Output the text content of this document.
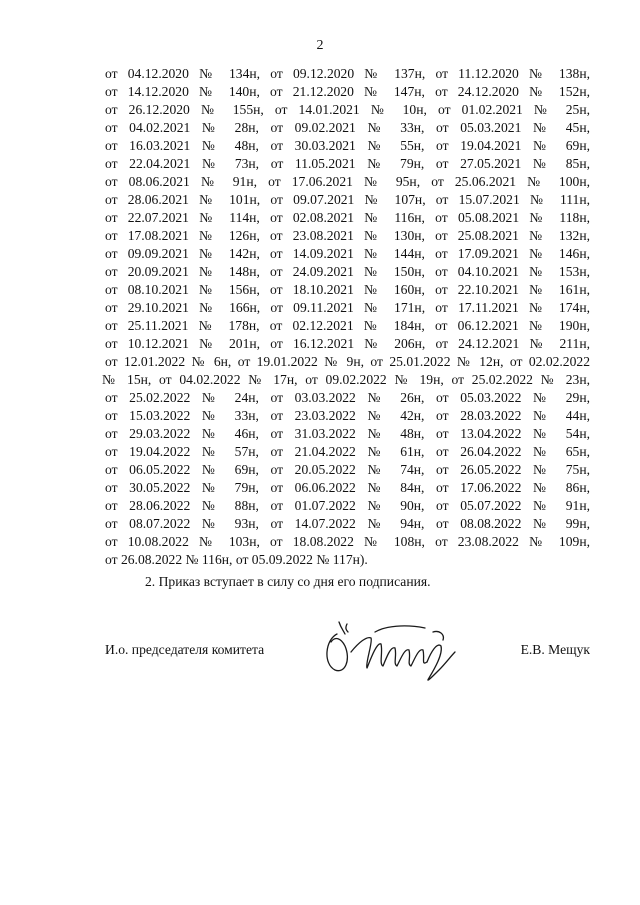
2
от 04.12.2020 № 134н, от 09.12.2020 № 137н, от 11.12.2020 № 138н,
от 14.12.2020 № 140н, от 21.12.2020 № 147н, от 24.12.2020 № 152н,
от 26.12.2020 № 155н, от 14.01.2021 № 10н, от 01.02.2021 № 25н,
от 04.02.2021 № 28н, от 09.02.2021 № 33н, от 05.03.2021 № 45н,
от 16.03.2021 № 48н, от 30.03.2021 № 55н, от 19.04.2021 № 69н,
от 22.04.2021 № 73н, от 11.05.2021 № 79н, от 27.05.2021 № 85н,
от 08.06.2021 № 91н, от 17.06.2021 № 95н, от 25.06.2021 № 100н,
от 28.06.2021 № 101н, от 09.07.2021 № 107н, от 15.07.2021 № 111н,
от 22.07.2021 № 114н, от 02.08.2021 № 116н, от 05.08.2021 № 118н,
от 17.08.2021 № 126н, от 23.08.2021 № 130н, от 25.08.2021 № 132н,
от 09.09.2021 № 142н, от 14.09.2021 № 144н, от 17.09.2021 № 146н,
от 20.09.2021 № 148н, от 24.09.2021 № 150н, от 04.10.2021 № 153н,
от 08.10.2021 № 156н, от 18.10.2021 № 160н, от 22.10.2021 № 161н,
от 29.10.2021 № 166н, от 09.11.2021 № 171н, от 17.11.2021 № 174н,
от 25.11.2021 № 178н, от 02.12.2021 № 184н, от 06.12.2021 № 190н,
от 10.12.2021 № 201н, от 16.12.2021 № 206н, от 24.12.2021 № 211н,
от 12.01.2022 № 6н, от 19.01.2022 № 9н, от 25.01.2022 № 12н, от 02.02.2022
№ 15н, от 04.02.2022 № 17н, от 09.02.2022 № 19н, от 25.02.2022 № 23н,
от 25.02.2022 № 24н, от 03.03.2022 № 26н, от 05.03.2022 № 29н,
от 15.03.2022 № 33н, от 23.03.2022 № 42н, от 28.03.2022 № 44н,
от 29.03.2022 № 46н, от 31.03.2022 № 48н, от 13.04.2022 № 54н,
от 19.04.2022 № 57н, от 21.04.2022 № 61н, от 26.04.2022 № 65н,
от 06.05.2022 № 69н, от 20.05.2022 № 74н, от 26.05.2022 № 75н,
от 30.05.2022 № 79н, от 06.06.2022 № 84н, от 17.06.2022 № 86н,
от 28.06.2022 № 88н, от 01.07.2022 № 90н, от 05.07.2022 № 91н,
от 08.07.2022 № 93н, от 14.07.2022 № 94н, от 08.08.2022 № 99н,
от 10.08.2022 № 103н, от 18.08.2022 № 108н, от 23.08.2022 № 109н,
от 26.08.2022 № 116н, от 05.09.2022 № 117н).
2. Приказ вступает в силу со дня его подписания.
И.о. председателя комитета	Е.В. Мещук
